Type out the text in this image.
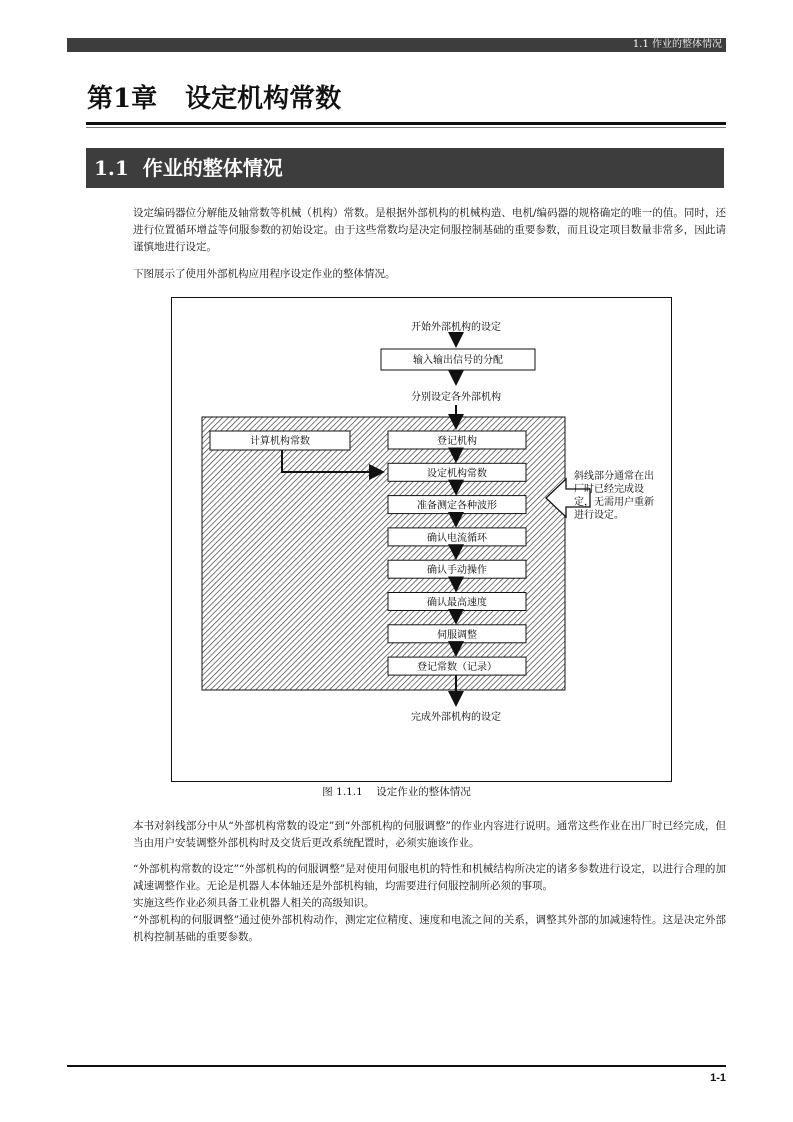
1.1 作业的整体情况
第1章 设定机构常数
1.1 作业的整体情况

设定编码器位分解能及轴常数等机械（机构）常数。是根据外部机构的机械构造、电机/编码器的规格确定的唯一的值。同时，还进行位置循环增益等伺服参数的初始设定。由于这些常数均是决定伺服控制基础的重要参数，而且设定项目数量非常多，因此请谨慎地进行设定。

下图展示了使用外部机构应用程序设定作业的整体情况。

开始外部机构的设定
输入输出信号的分配
分别设定各外部机构
计算机构常数	登记机构
设定机构常数
准备测定各种波形
确认电流循环
确认手动操作
确认最高速度
伺服调整
登记常数（记录）
完成外部机构的设定
斜线部分通常在出
厂时已经完成设
定，无需用户重新
进行设定。
图 1.1.1    设定作业的整体情况

本书对斜线部分中从“外部机构常数的设定”到“外部机构的伺服调整”的作业内容进行说明。通常这些作业在出厂时已经完成，但当由用户安装调整外部机构时及交货后更改系统配置时，必须实施该作业。

“外部机构常数的设定”“外部机构的伺服调整”是对使用伺服电机的特性和机械结构所决定的诸多参数进行设定，以进行合理的加减速调整作业。无论是机器人本体轴还是外部机构轴，均需要进行伺服控制所必须的事项。

实施这些作业必须具备工业机器人相关的高级知识。

“外部机构的伺服调整”通过使外部机构动作，测定定位精度、速度和电流之间的关系，调整其外部的加减速特性。这是决定外部机构控制基础的重要参数。

1-1
